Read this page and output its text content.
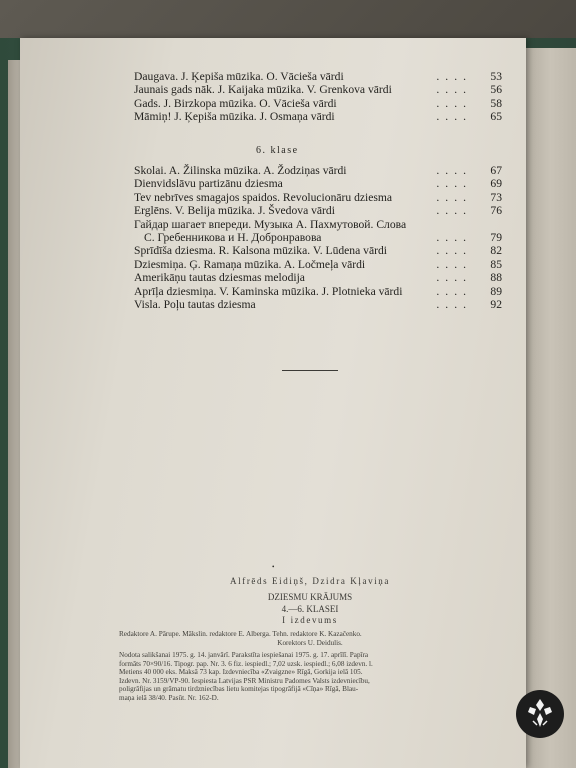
Daugava. J. Ķepiša mūzika. O. Vācieša vārdi	....	53
Jaunais gads nāk. J. Kaijaka mūzika. V. Grenkova vārdi	....	56
Gads. J. Birzkopa mūzika. O. Vācieša vārdi	....	58
Māmiņ! J. Ķepiša mūzika. J. Osmaņa vārdi	....	65
6. klase
Skolai. A. Žilinska mūzika. A. Žodziņas vārdi	....	67
Dienvidslāvu partizānu dziesma	....	69
Tev nebrīves smagajos spaidos. Revolucionāru dziesma	....	73
Erglēns. V. Belija mūzika. J. Švedova vārdi	....	76
Гайдар шагает впереди. Музыка А. Пахмутовой. Слова
С. Гребенникова и Н. Добронравова	....	79
Sprīdīša dziesma. R. Kalsona mūzika. V. Lūdena vārdi	....	82
Dziesmiņa. Ģ. Ramaņa mūzika. A. Ločmeļa vārdi	....	85
Amerikāņu tautas dziesmas melodija	....	88
Aprīļa dziesmiņa. V. Kaminska mūzika. J. Plotnieka vārdi	....	89
Visla. Poļu tautas dziesma	....	92
•
Alfrēds Eidiņš, Dzidra Kļaviņa
DZIESMU KRĀJUMS
4.—6. KLASEI
I izdevums
Redaktore A. Pārupe. Mākslin. redaktore E. Alberga. Tehn. redaktore K. Kazačenko.
Korektors U. Deidulis.
Nodota salikšanai 1975. g. 14. janvārī. Parakstīta iespiešanai 1975. g. 17. aprīlī. Papīra
formāts 70×90/16. Tipogr. pap. Nr. 3. 6 fiz. iespiedl.; 7,02 uzsk. iespiedl.; 6,08 izdevn. l.
Metiens 40 000 eks. Maksā 73 kap. Izdevniecība «Zvaigzne» Rīgā, Gorkija ielā 105.
Izdevn. Nr. 3159/VP-90. Iespiesta Latvijas PSR Ministru Padomes Valsts izdevniecību,
poligrāfijas un grāmatu tirdzniecības lietu komitejas tipogrāfijā «Cīņa» Rīgā, Blau-
maņa ielā 38/40. Pasūt. Nr. 162-D.
